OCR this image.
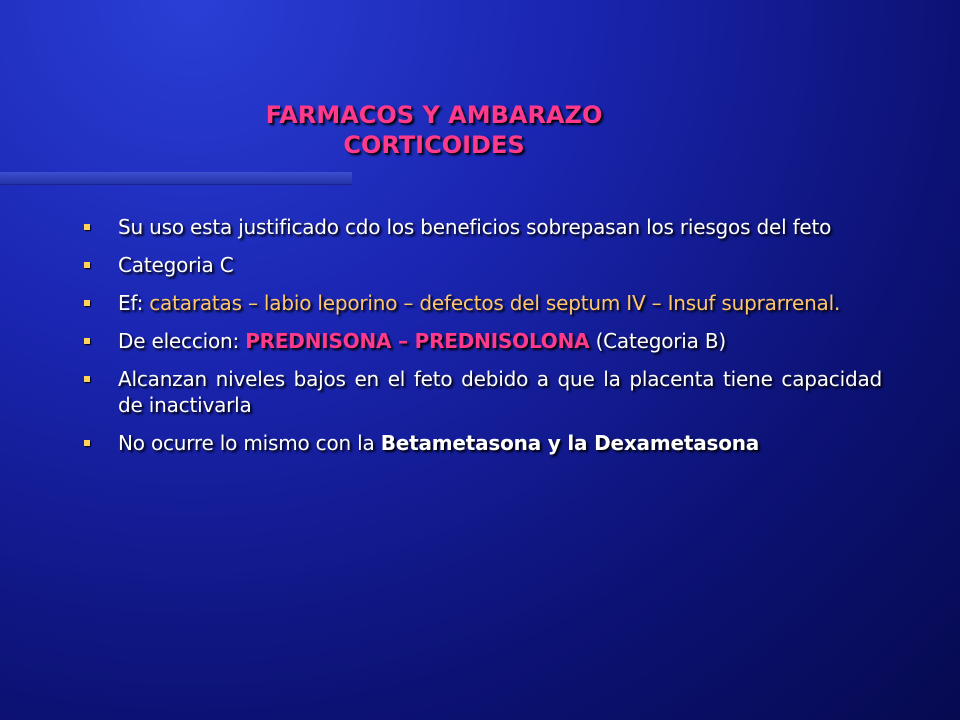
FARMACOS Y AMBARAZO
CORTICOIDES
Su uso esta justificado cdo los beneficios sobrepasan los riesgos del feto
Categoria C
Ef: cataratas – labio leporino – defectos del septum IV – Insuf suprarrenal.
De eleccion: PREDNISONA – PREDNISOLONA (Categoria B)
Alcanzan niveles bajos en el feto debido a que la placenta tiene capacidad de inactivarla
No ocurre lo mismo con la Betametasona y la Dexametasona
